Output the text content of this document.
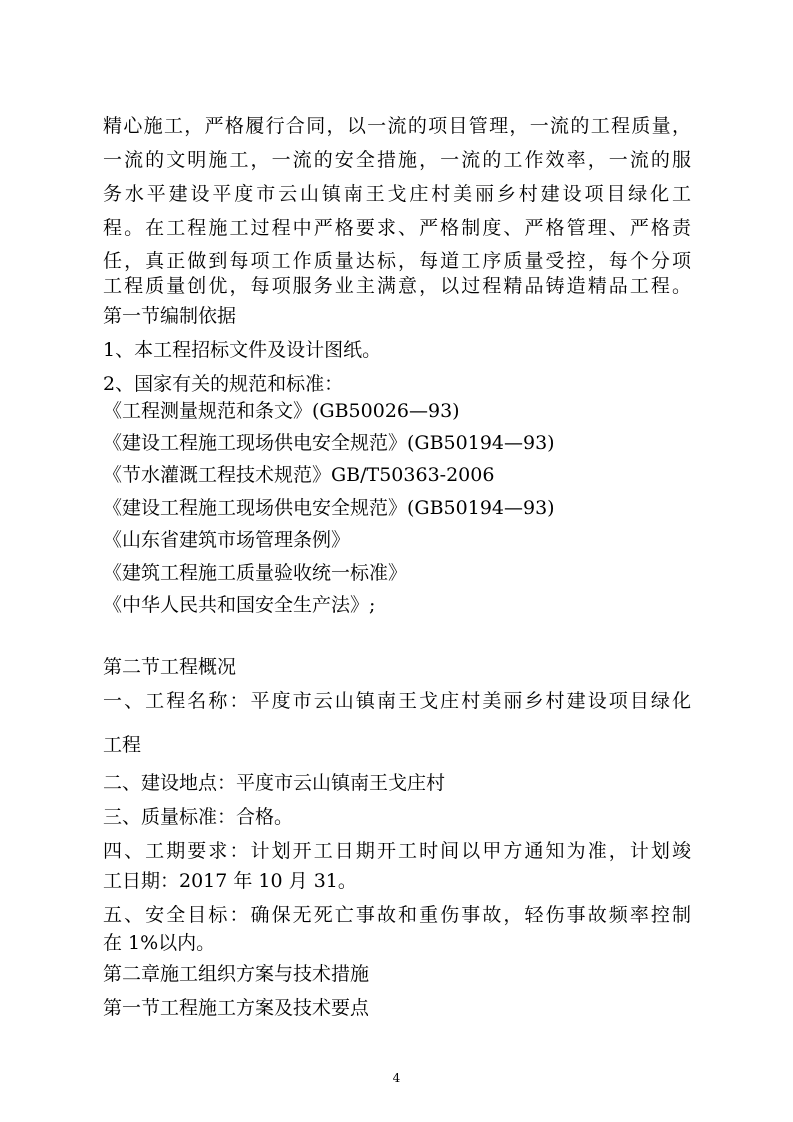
精心施工，严格履行合同，以一流的项目管理，一流的工程质量，
一流的文明施工，一流的安全措施，一流的工作效率，一流的服
务水平建设平度市云山镇南王戈庄村美丽乡村建设项目绿化工
程。在工程施工过程中严格要求、严格制度、严格管理、严格责
任，真正做到每项工作质量达标，每道工序质量受控，每个分项
工程质量创优，每项服务业主满意，以过程精品铸造精品工程。
第一节编制依据
1、本工程招标文件及设计图纸。
2、国家有关的规范和标准：
《工程测量规范和条文》(GB50026—93)
《建设工程施工现场供电安全规范》(GB50194—93)
《节水灌溉工程技术规范》GB/T50363-2006
《建设工程施工现场供电安全规范》(GB50194—93)
《山东省建筑市场管理条例》
《建筑工程施工质量验收统一标准》
《中华人民共和国安全生产法》;
第二节工程概况
一、工程名称：平度市云山镇南王戈庄村美丽乡村建设项目绿化
工程
二、建设地点：平度市云山镇南王戈庄村
三、质量标准：合格。
四、工期要求：计划开工日期开工时间以甲方通知为准，计划竣
工日期：2017 年 10 月 31。
五、安全目标：确保无死亡事故和重伤事故，轻伤事故频率控制
在 1%以内。
第二章施工组织方案与技术措施
第一节工程施工方案及技术要点
4
